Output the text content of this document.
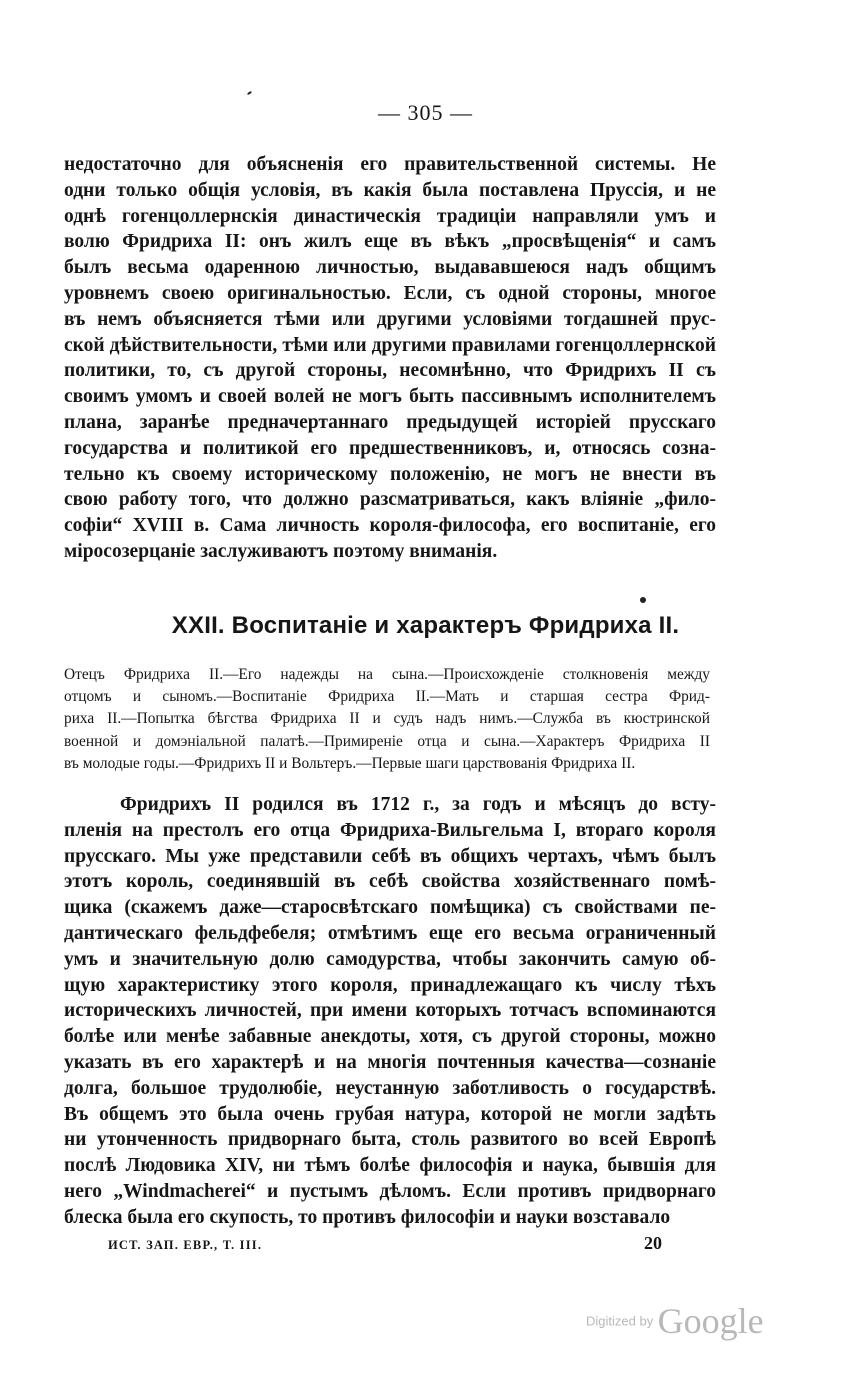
— 305 —
недостаточно для объясненія его правительственной системы. Не
одни только общія условія, въ какія была поставлена Пруссія, и не
однѣ гогенцоллернскія династическія традиціи направляли умъ и
волю Фридриха II: онъ жилъ еще въ вѣкъ „просвѣщенія“ и самъ
былъ весьма одаренною личностью, выдававшеюся надъ общимъ
уровнемъ своею оригинальностью. Если, съ одной стороны, многое
въ немъ объясняется тѣми или другими условіями тогдашней прус-
ской дѣйствительности, тѣми или другими правилами гогенцоллернской
политики, то, съ другой стороны, несомнѣнно, что Фридрихъ II съ
своимъ умомъ и своей волей не могъ быть пассивнымъ исполнителемъ
плана, заранѣе предначертаннаго предыдущей исторіей прусскаго
государства и политикой его предшественниковъ, и, относясь созна-
тельно къ своему историческому положенію, не могъ не внести въ
свою работу того, что должно разсматриваться, какъ вліяніе „фило-
софіи“ XVIII в. Сама личность короля-философа, его воспитаніе, его
міросозерцаніе заслуживаютъ поэтому вниманія.
XXII. Воспитаніе и характеръ Фридриха II.
Отецъ Фридриха II.—Его надежды на сына.—Происхожденіе столкновенія между
отцомъ и сыномъ.—Воспитаніе Фридриха II.—Мать и старшая сестра Фрид-
риха II.—Попытка бѣгства Фридриха II и судъ надъ нимъ.—Служба въ кюстринской
военной и домэніальной палатѣ.—Примиреніе отца и сына.—Характеръ Фридриха II
въ молодые годы.—Фридрихъ II и Вольтеръ.—Первые шаги царствованія Фридриха II.
Фридрихъ II родился въ 1712 г., за годъ и мѣсяцъ до всту-
пленія на престолъ его отца Фридриха-Вильгельма I, втораго короля
прусскаго. Мы уже представили себѣ въ общихъ чертахъ, чѣмъ былъ
этотъ король, соединявшій въ себѣ свойства хозяйственнаго помѣ-
щика (скажемъ даже—старосвѣтскаго помѣщика) съ свойствами пе-
дантическаго фельдфебеля; отмѣтимъ еще его весьма ограниченный
умъ и значительную долю самодурства, чтобы закончить самую об-
щую характеристику этого короля, принадлежащаго къ числу тѣхъ
историческихъ личностей, при имени которыхъ тотчасъ вспоминаются
болѣе или менѣе забавные анекдоты, хотя, съ другой стороны, можно
указать въ его характерѣ и на многія почтенныя качества—сознаніе
долга, большое трудолюбіе, неустанную заботливость о государствѣ.
Въ общемъ это была очень грубая натура, которой не могли задѣть
ни утонченность придворнаго быта, столь развитого во всей Европѣ
послѣ Людовика XIV, ни тѣмъ болѣе философія и наука, бывшія для
него „Windmacherei“ и пустымъ дѣломъ. Если противъ придворнаго
блеска была его скупость, то противъ философіи и науки возставало
ИСТ. ЗАП. ЕВР., Т. III.	20
Digitized by Google
